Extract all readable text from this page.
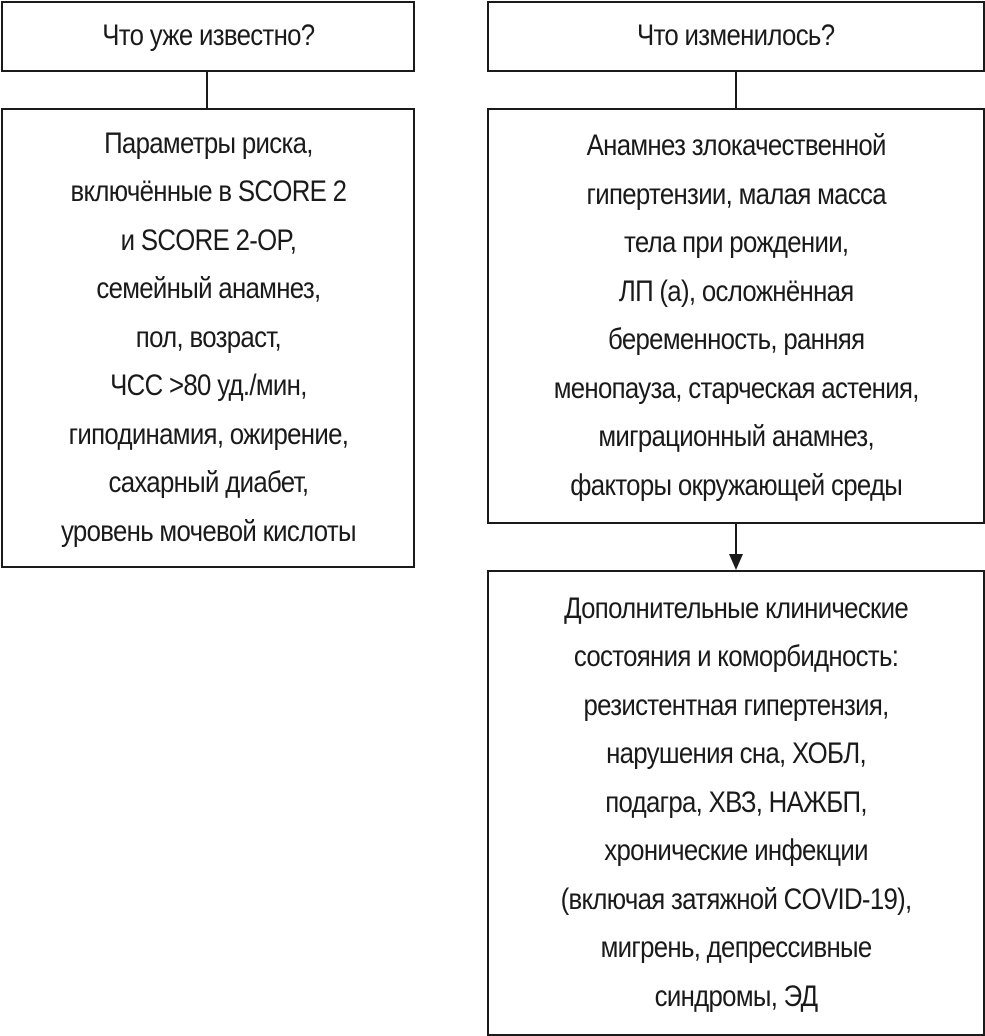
Что уже известно?
Параметры риска,
включённые в SCORE 2
и SCORE 2-OP,
семейный анамнез,
пол, возраст,
ЧСС >80 уд./мин,
гиподинамия, ожирение,
сахарный диабет,
уровень мочевой кислоты
Что изменилось?
Анамнез злокачественной
гипертензии, малая масса
тела при рождении,
ЛП (а), осложнённая
беременность, ранняя
менопауза, старческая астения,
миграционный анамнез,
факторы окружающей среды
Дополнительные клинические
состояния и коморбидность:
резистентная гипертензия,
нарушения сна, ХОБЛ,
подагра, ХВЗ, НАЖБП,
хронические инфекции
(включая затяжной COVID-19),
мигрень, депрессивные
синдромы, ЭД
